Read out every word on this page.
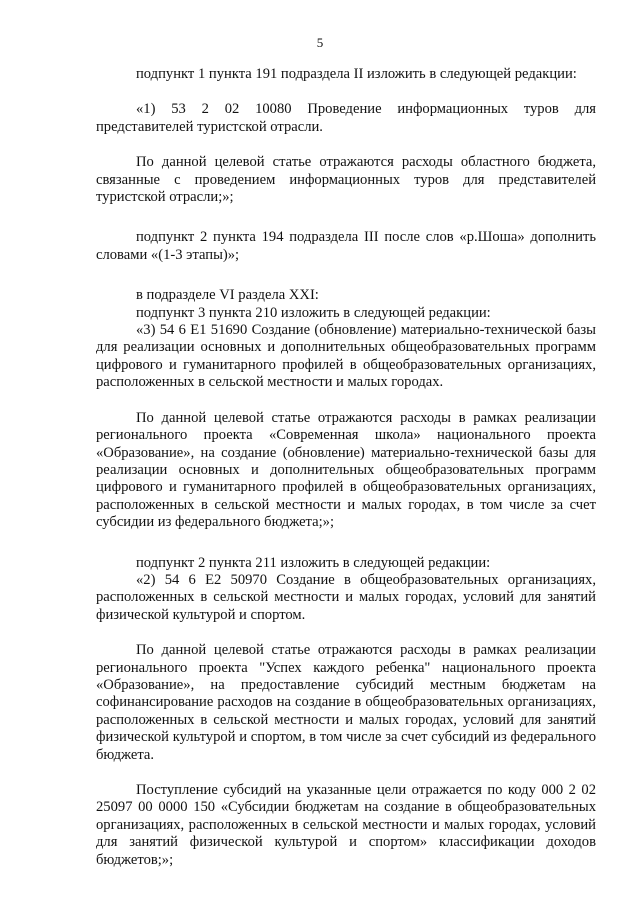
5

подпункт 1 пункта 191 подраздела II изложить в следующей редакции:

«1) 53 2 02 10080 Проведение информационных туров для представителей туристской отрасли.

По данной целевой статье отражаются расходы областного бюджета, связанные с проведением информационных туров для представителей туристской отрасли;»;

подпункт 2 пункта 194 подраздела III после слов «р.Шоша» дополнить словами «(1-3 этапы)»;

в подразделе VI раздела XXI:

подпункт 3 пункта 210 изложить в следующей редакции:

«3) 54 6 E1 51690 Создание (обновление) материально-технической базы для реализации основных и дополнительных общеобразовательных программ цифрового и гуманитарного профилей в общеобразовательных организациях, расположенных в сельской местности и малых городах.

По данной целевой статье отражаются расходы в рамках реализации регионального проекта «Современная школа» национального проекта «Образование», на создание (обновление) материально-технической базы для реализации основных и дополнительных общеобразовательных программ цифрового и гуманитарного профилей в общеобразовательных организациях, расположенных в сельской местности и малых городах, в том числе за счет субсидии из федерального бюджета;»;

подпункт 2 пункта 211 изложить в следующей редакции:

«2) 54 6 E2 50970 Создание в общеобразовательных организациях, расположенных в сельской местности и малых городах, условий для занятий физической культурой и спортом.

По данной целевой статье отражаются расходы в рамках реализации регионального проекта "Успех каждого ребенка" национального проекта «Образование», на предоставление субсидий местным бюджетам на софинансирование расходов на создание в общеобразовательных организациях, расположенных в сельской местности и малых городах, условий для занятий физической культурой и спортом, в том числе за счет субсидий из федерального бюджета.

Поступление субсидий на указанные цели отражается по коду 000 2 02 25097 00 0000 150 «Субсидии бюджетам на создание в общеобразовательных организациях, расположенных в сельской местности и малых городах, условий для занятий физической культурой и спортом» классификации доходов бюджетов;»;
